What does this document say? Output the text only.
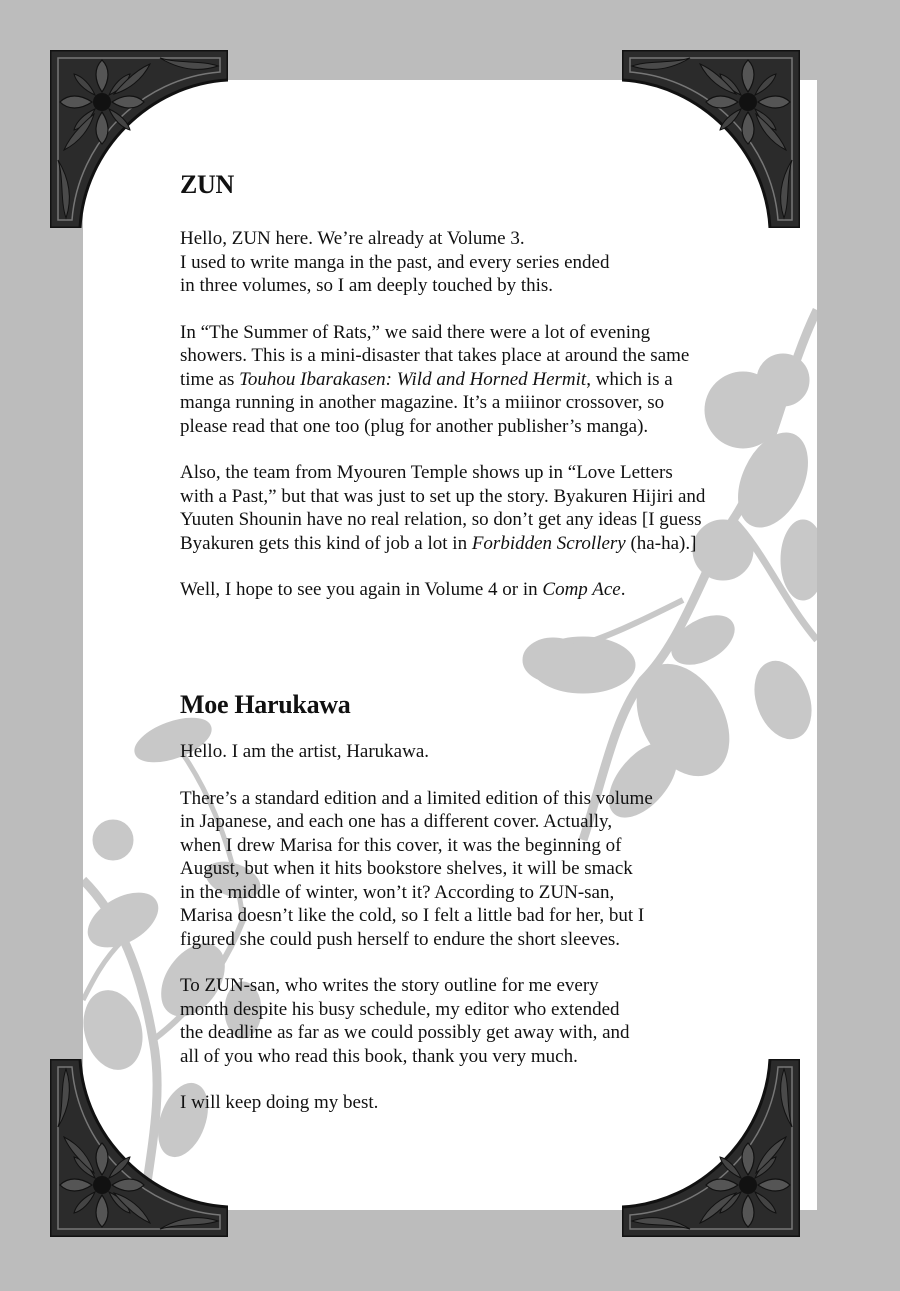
ZUN

Hello, ZUN here. We’re already at Volume 3.
I used to write manga in the past, and every series ended
in three volumes, so I am deeply touched by this.

In “The Summer of Rats,” we said there were a lot of evening
showers. This is a mini-disaster that takes place at around the same
time as Touhou Ibarakasen: Wild and Horned Hermit, which is a
manga running in another magazine. It’s a miiinor crossover, so
please read that one too (plug for another publisher’s manga).

Also, the team from Myouren Temple shows up in “Love Letters
with a Past,” but that was just to set up the story. Byakuren Hijiri and
Yuuten Shounin have no real relation, so don’t get any ideas [I guess
Byakuren gets this kind of job a lot in Forbidden Scrollery (ha-ha).]

Well, I hope to see you again in Volume 4 or in Comp Ace.

Moe Harukawa

Hello. I am the artist, Harukawa.

There’s a standard edition and a limited edition of this volume
in Japanese, and each one has a different cover. Actually,
when I drew Marisa for this cover, it was the beginning of
August, but when it hits bookstore shelves, it will be smack
in the middle of winter, won’t it? According to ZUN-san,
Marisa doesn’t like the cold, so I felt a little bad for her, but I
figured she could push herself to endure the short sleeves.

To ZUN-san, who writes the story outline for me every
month despite his busy schedule, my editor who extended
the deadline as far as we could possibly get away with, and
all of you who read this book, thank you very much.

I will keep doing my best.
